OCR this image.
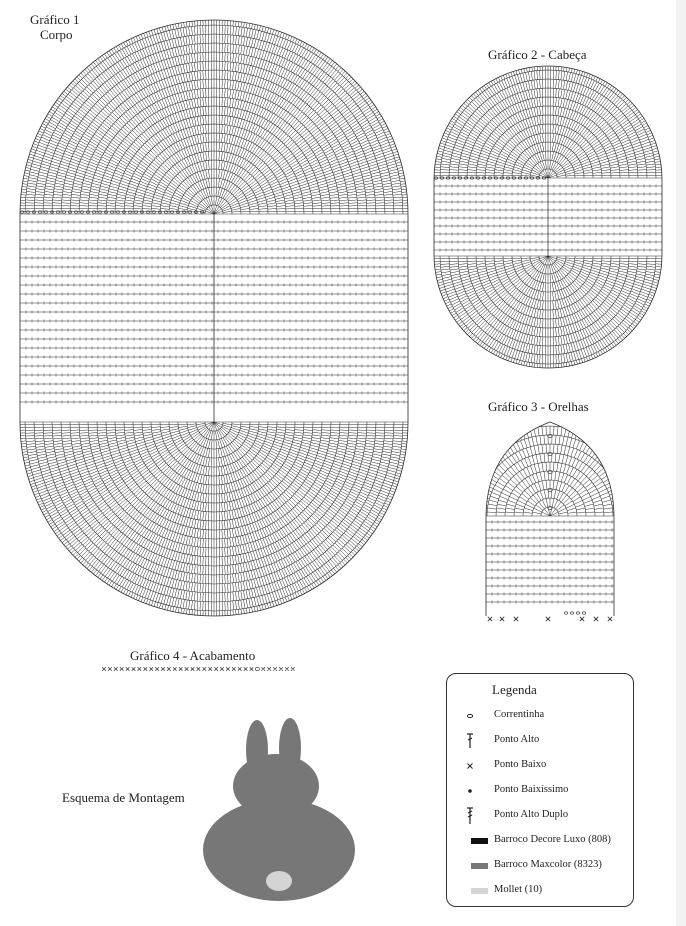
Gráfico 1
Corpo
Gráfico 2 - Cabeça
Gráfico 3 - Orelhas
Gráfico 4 - Acabamento
Esquema de Montagem
Legenda
Correntinha
Ponto Alto
Ponto Baixo
Ponto Baixíssimo
Ponto Alto Duplo
Barroco Decore Luxo (808)
Barroco Maxcolor (8323)
Mollet (10)
